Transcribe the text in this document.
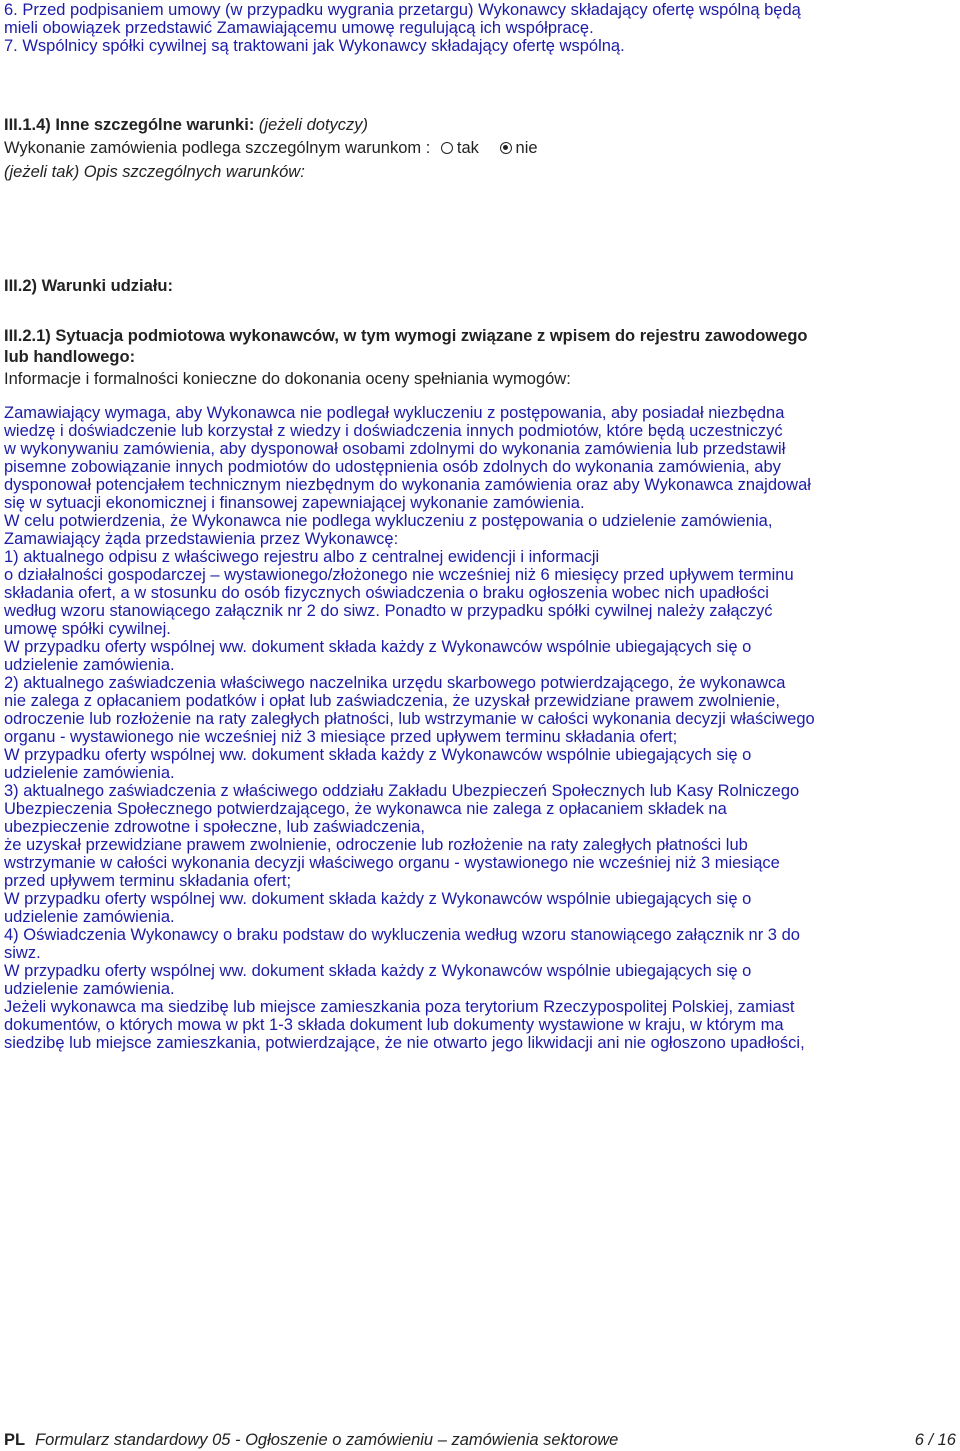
6. Przed podpisaniem umowy (w przypadku wygrania przetargu) Wykonawcy składający ofertę wspólną będą
mieli obowiązek przedstawić Zamawiającemu umowę regulującą ich współpracę.
7. Wspólnicy spółki cywilnej są traktowani jak Wykonawcy składający ofertę wspólną.
III.1.4) Inne szczególne warunki: (jeżeli dotyczy)
Wykonanie zamówienia podlega szczególnym warunkom : tak nie
(jeżeli tak) Opis szczególnych warunków:
III.2) Warunki udziału:
III.2.1) Sytuacja podmiotowa wykonawców, w tym wymogi związane z wpisem do rejestru zawodowego
lub handlowego:
Informacje i formalności konieczne do dokonania oceny spełniania wymogów:
Zamawiający wymaga, aby Wykonawca nie podlegał wykluczeniu z postępowania, aby posiadał niezbędna
wiedzę i doświadczenie lub korzystał z wiedzy i doświadczenia innych podmiotów, które będą uczestniczyć
w wykonywaniu zamówienia, aby dysponował osobami zdolnymi do wykonania zamówienia lub przedstawił
pisemne zobowiązanie innych podmiotów do udostępnienia osób zdolnych do wykonania zamówienia, aby
dysponował potencjałem technicznym niezbędnym do wykonania zamówienia oraz aby Wykonawca znajdował
się w sytuacji ekonomicznej i finansowej zapewniającej wykonanie zamówienia.
W celu potwierdzenia, że Wykonawca nie podlega wykluczeniu z postępowania o udzielenie zamówienia,
Zamawiający żąda przedstawienia przez Wykonawcę:
1) aktualnego odpisu z właściwego rejestru albo z centralnej ewidencji i informacji
o działalności gospodarczej – wystawionego/złożonego nie wcześniej niż 6 miesięcy przed upływem terminu
składania ofert, a w stosunku do osób fizycznych oświadczenia o braku ogłoszenia wobec nich upadłości
według wzoru stanowiącego załącznik nr 2 do siwz. Ponadto w przypadku spółki cywilnej należy załączyć
umowę spółki cywilnej.
W przypadku oferty wspólnej ww. dokument składa każdy z Wykonawców wspólnie ubiegających się o
udzielenie zamówienia.
2) aktualnego zaświadczenia właściwego naczelnika urzędu skarbowego potwierdzającego, że wykonawca
nie zalega z opłacaniem podatków i opłat lub zaświadczenia, że uzyskał przewidziane prawem zwolnienie,
odroczenie lub rozłożenie na raty zaległych płatności, lub wstrzymanie w całości wykonania decyzji właściwego
organu - wystawionego nie wcześniej niż 3 miesiące przed upływem terminu składania ofert;
W przypadku oferty wspólnej ww. dokument składa każdy z Wykonawców wspólnie ubiegających się o
udzielenie zamówienia.
3) aktualnego zaświadczenia z właściwego oddziału Zakładu Ubezpieczeń Społecznych lub Kasy Rolniczego
Ubezpieczenia Społecznego potwierdzającego, że wykonawca nie zalega z opłacaniem składek na
ubezpieczenie zdrowotne i społeczne, lub zaświadczenia,
że uzyskał przewidziane prawem zwolnienie, odroczenie lub rozłożenie na raty zaległych płatności lub
wstrzymanie w całości wykonania decyzji właściwego organu - wystawionego nie wcześniej niż 3 miesiące
przed upływem terminu składania ofert;
W przypadku oferty wspólnej ww. dokument składa każdy z Wykonawców wspólnie ubiegających się o
udzielenie zamówienia.
4) Oświadczenia Wykonawcy o braku podstaw do wykluczenia według wzoru stanowiącego załącznik nr 3 do
siwz.
W przypadku oferty wspólnej ww. dokument składa każdy z Wykonawców wspólnie ubiegających się o
udzielenie zamówienia.
Jeżeli wykonawca ma siedzibę lub miejsce zamieszkania poza terytorium Rzeczypospolitej Polskiej, zamiast
dokumentów, o których mowa w pkt 1-3 składa dokument lub dokumenty wystawione w kraju, w którym ma
siedzibę lub miejsce zamieszkania, potwierdzające, że nie otwarto jego likwidacji ani nie ogłoszono upadłości,
PL Formularz standardowy 05 - Ogłoszenie o zamówieniu – zamówienia sektorowe	6 / 16
